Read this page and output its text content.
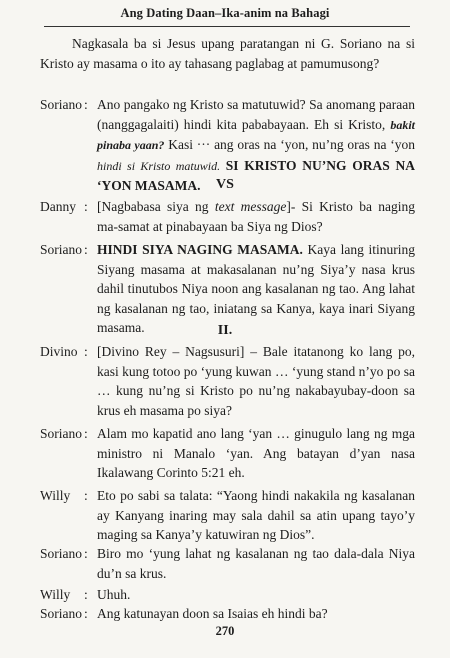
Ang Dating Daan–Ika-anim na Bahagi
Nagkasala ba si Jesus upang paratangan ni G. Soriano na si Kristo ay masama o ito ay tahasang paglabag at pamumusong?
Soriano : Ano pangako ng Kristo sa matutuwid? Sa anomang paraan (nanggagalaiti) hindi kita pababayaan. Eh si Kristo, bakit pinaba yaan? Kasi ··· ang oras na ‘yon, nu’ng oras na ‘yon hindi si Kristo matuwid. SI KRISTO NU’NG ORAS NA ‘YON MASAMA.	VS
Danny : [Nagbabasa siya ng text message]- Si Kristo ba naging ma-samat at pinabayaan ba Siya ng Dios?
Soriano : HINDI SIYA NAGING MASAMA. Kaya lang itinuring Siyang masama at makasalanan nu’ng Siya’y nasa krus dahil tinutubos Niya noon ang kasalanan ng tao. Ang lahat ng kasalanan ng tao, iniatang sa Kanya, kaya inari Siyang masama.	II.
Divino : [Divino Rey – Nagsusuri] – Bale itatanong ko lang po, kasi kung totoo po ‘yung kuwan … ‘yung stand n’yo po sa … kung nu’ng si Kristo po nu’ng nakabayubay-doon sa krus eh masama po siya?
Soriano : Alam mo kapatid ano lang ‘yan … ginugulo lang ng mga ministro ni Manalo ‘yan. Ang batayan d’yan nasa Ikalawang Corinto 5:21 eh.
Willy	: Eto po sabi sa talata: “Yaong hindi nakakila ng kasalanan ay Kanyang inaring may sala dahil sa atin upang tayo’y maging sa Kanya’y katuwiran ng Dios”.
Soriano : Biro mo ‘yung lahat ng kasalanan ng tao dala-dala Niya du’n sa krus.
Willy	: Uhuh.
Soriano : Ang katunayan doon sa Isaias eh hindi ba?
270
